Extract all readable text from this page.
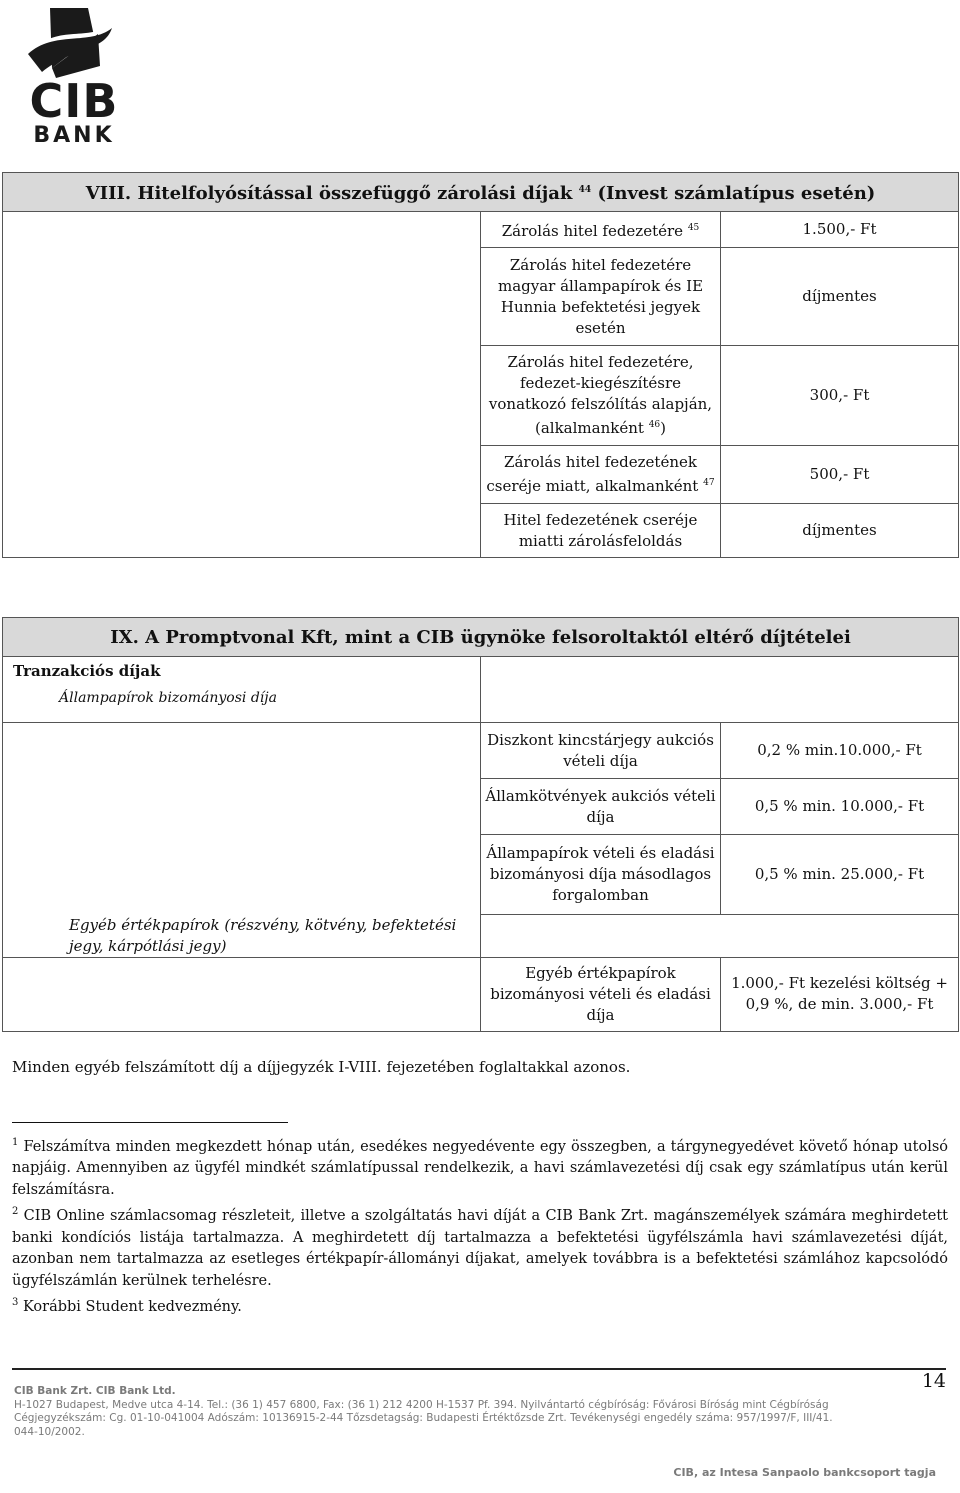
CIB
BANK
VIII. Hitelfolyósítással összefüggő zárolási díjak $^{44}$ (Invest számlatípus esetén)		
	Zárolás hitel fedezetére $^{45}$	1.500,- Ft
	Zárolás hitel fedezetére magyar állampapírok és IE Hunnia befektetési jegyek esetén	díjmentes
	Zárolás hitel fedezetére, fedezet-kiegészítésre vonatkozó felszólítás alapján, (alkalmanként $^{46}$)	300,- Ft
	Zárolás hitel fedezetének cseréje miatt, alkalmanként $^{47}$	500,- Ft
	Hitel fedezetének cseréje miatti zárolásfeloldás	díjmentes
IX. A Promptvonal Kft, mint a CIB ügynöke felsoroltaktól eltérő díjtételei		

Tranzakciós díjak
Állampapírok bizományosi díja		

	Diszkont kincstárjegy aukciós vételi díja	0,2 % min.10.000,- Ft
	Államkötvények aukciós vételi díja	0,5 % min. 10.000,- Ft
	Állampapírok vételi és eladási bizományosi díja másodlagos forgalomban	0,5 % min. 25.000,- Ft
Egyéb értékpapírok (részvény, kötvény, befektetési jegy, kárpótlási jegy)		
	Egyéb értékpapírok bizományosi vételi és eladási díja	1.000,- Ft kezelési költség + 0,9 %, de min. 3.000,- Ft
Minden egyéb felszámított díj a díjjegyzék I-VIII. fejezetében foglaltakkal azonos.

$^1$ Felszámítva minden megkezdett hónap után, esedékes negyedévente egy összegben, a tárgynegyedévet követő hónap utolsó napjáig. Amennyiben az ügyfél mindkét számlatípussal rendelkezik, a havi számlavezetési díj csak egy számlatípus után kerül felszámításra.

$^2$ CIB Online számlacsomag részleteit, illetve a szolgáltatás havi díját a CIB Bank Zrt. magánszemélyek számára meghirdetett banki kondíciós listája tartalmazza. A meghirdetett díj tartalmazza a befektetési ügyfélszámla havi számlavezetési díját, azonban nem tartalmazza az esetleges értékpapír-állományi díjakat, amelyek továbbra is a befektetési számlához kapcsolódó ügyfélszámlán kerülnek terhelésre.

$^3$ Korábbi Student kedvezmény.

14
CIB Bank Zrt. CIB Bank Ltd.
H-1027 Budapest, Medve utca 4-14. Tel.: (36 1) 457 6800, Fax: (36 1) 212 4200 H-1537 Pf. 394. Nyilvántartó cégbíróság: Fővárosi Bíróság mint Cégbíróság
Cégjegyzékszám: Cg. 01-10-041004 Adószám: 10136915-2-44 Tőzsdetagság: Budapesti Értéktőzsde Zrt. Tevékenységi engedély száma: 957/1997/F, III/41.
044-10/2002.
CIB, az Intesa Sanpaolo bankcsoport tagja
